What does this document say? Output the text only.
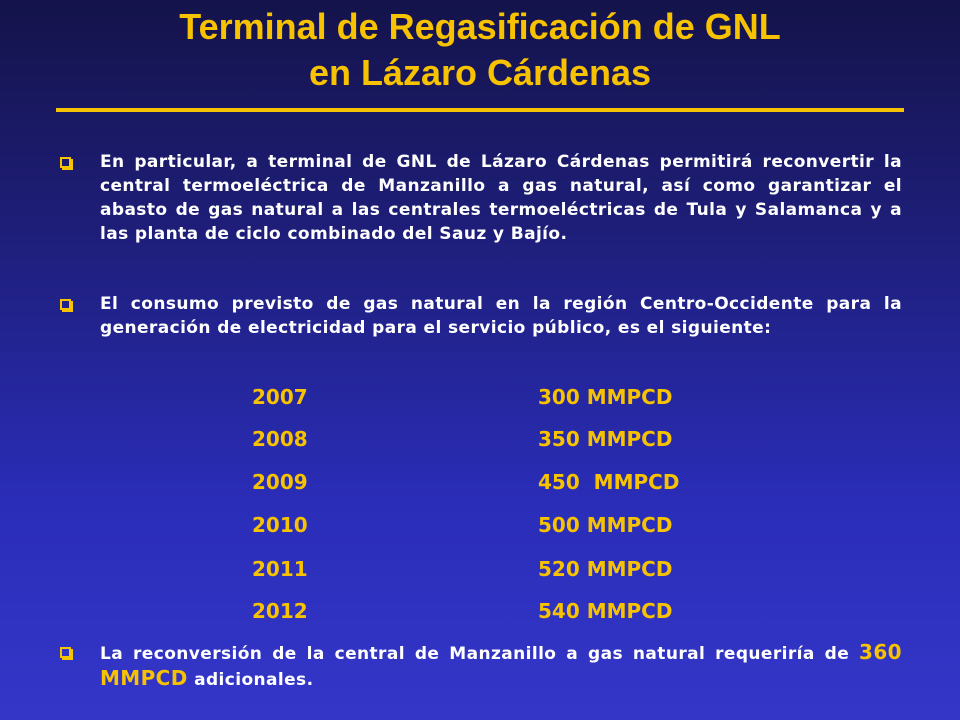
Terminal de Regasificación de GNL
en Lázaro Cárdenas
En particular, a terminal de GNL de Lázaro Cárdenas permitirá reconvertir la central termoeléctrica de Manzanillo a gas natural, así como garantizar el abasto de gas natural a las centrales termoeléctricas de Tula y Salamanca y a las planta de ciclo combinado del Sauz y Bajío.
El consumo previsto de gas natural en la región Centro-Occidente para la generación de electricidad para el servicio público, es el siguiente:
2007	300 MMPCD
2008	350 MMPCD
2009	450  MMPCD
2010	500 MMPCD
2011	520 MMPCD
2012	540 MMPCD
La reconversión de la central de Manzanillo a gas natural requeriría de 360 MMPCD adicionales.
